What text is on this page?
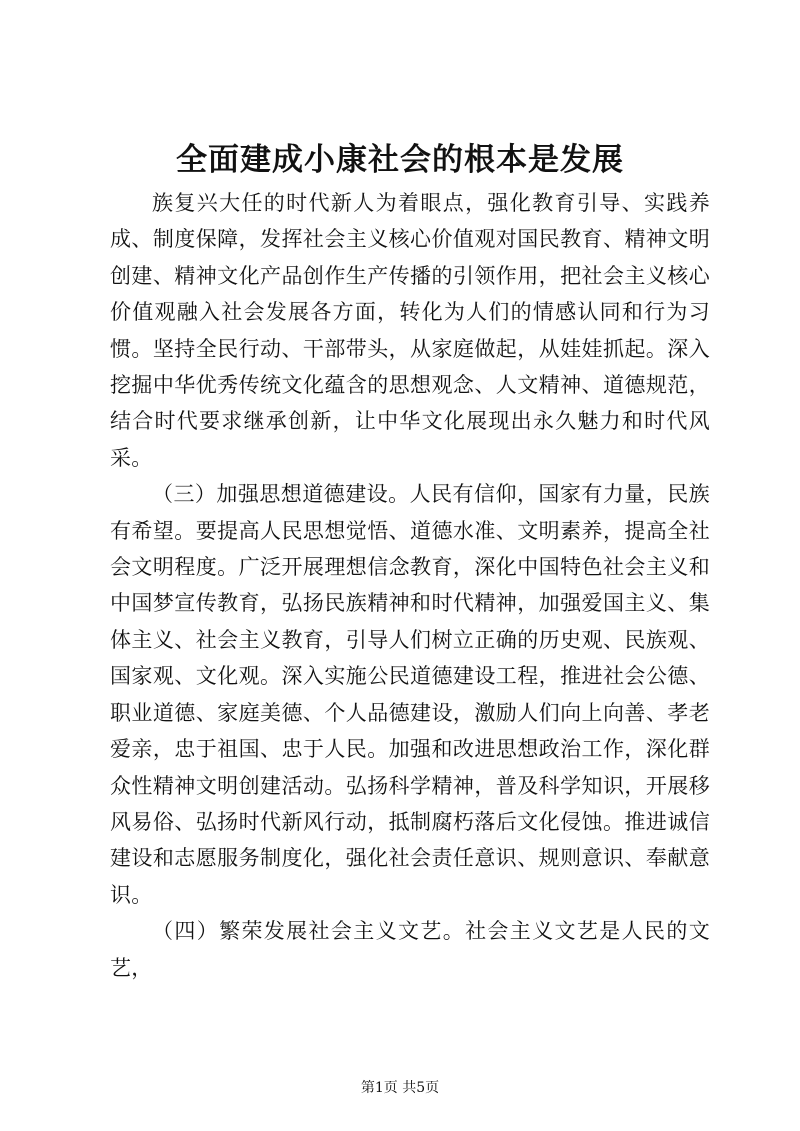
全面建成小康社会的根本是发展

族复兴大任的时代新人为着眼点，强化教育引导、实践养成、制度保障，发挥社会主义核心价值观对国民教育、精神文明创建、精神文化产品创作生产传播的引领作用，把社会主义核心价值观融入社会发展各方面，转化为人们的情感认同和行为习惯。坚持全民行动、干部带头，从家庭做起，从娃娃抓起。深入挖掘中华优秀传统文化蕴含的思想观念、人文精神、道德规范，结合时代要求继承创新，让中华文化展现出永久魅力和时代风采。

（三）加强思想道德建设。人民有信仰，国家有力量，民族有希望。要提高人民思想觉悟、道德水准、文明素养，提高全社会文明程度。广泛开展理想信念教育，深化中国特色社会主义和中国梦宣传教育，弘扬民族精神和时代精神，加强爱国主义、集体主义、社会主义教育，引导人们树立正确的历史观、民族观、国家观、文化观。深入实施公民道德建设工程，推进社会公德、职业道德、家庭美德、个人品德建设，激励人们向上向善、孝老爱亲，忠于祖国、忠于人民。加强和改进思想政治工作，深化群众性精神文明创建活动。弘扬科学精神，普及科学知识，开展移风易俗、弘扬时代新风行动，抵制腐朽落后文化侵蚀。推进诚信建设和志愿服务制度化，强化社会责任意识、规则意识、奉献意识。

（四）繁荣发展社会主义文艺。社会主义文艺是人民的文艺，

第1页 共5页
